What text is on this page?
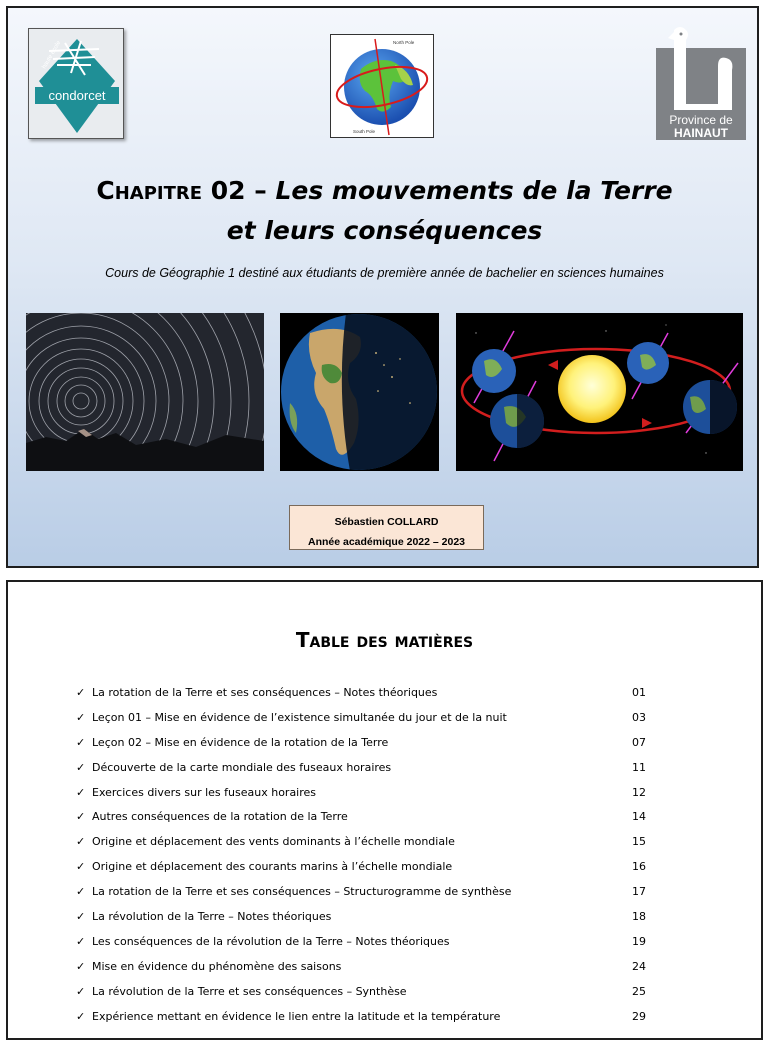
condorcet
haute école	North Pole
South Pole
Province de
HAINAUT
Chapitre 02 – Les mouvements de la Terre
et leurs conséquences
Cours de Géographie 1 destiné aux étudiants de première année de bachelier en sciences humaines
Sébastien COLLARD
Année académique 2022 – 2023
Table des matières
✓ La rotation de la Terre et ses conséquences – Notes théoriques	01
✓ Leçon 01 – Mise en évidence de l’existence simultanée du jour et de la nuit	03
✓ Leçon 02 – Mise en évidence de la rotation de la Terre	07
✓ Découverte de la carte mondiale des fuseaux horaires	11
✓ Exercices divers sur les fuseaux horaires	12
✓ Autres conséquences de la rotation de la Terre	14
✓ Origine et déplacement des vents dominants à l’échelle mondiale	15
✓ Origine et déplacement des courants marins à l’échelle mondiale	16
✓ La rotation de la Terre et ses conséquences – Structurogramme de synthèse	17
✓ La révolution de la Terre – Notes théoriques	18
✓ Les conséquences de la révolution de la Terre – Notes théoriques	19
✓ Mise en évidence du phénomène des saisons	24
✓ La révolution de la Terre et ses conséquences – Synthèse	25
✓ Expérience mettant en évidence le lien entre la latitude et la température	29
